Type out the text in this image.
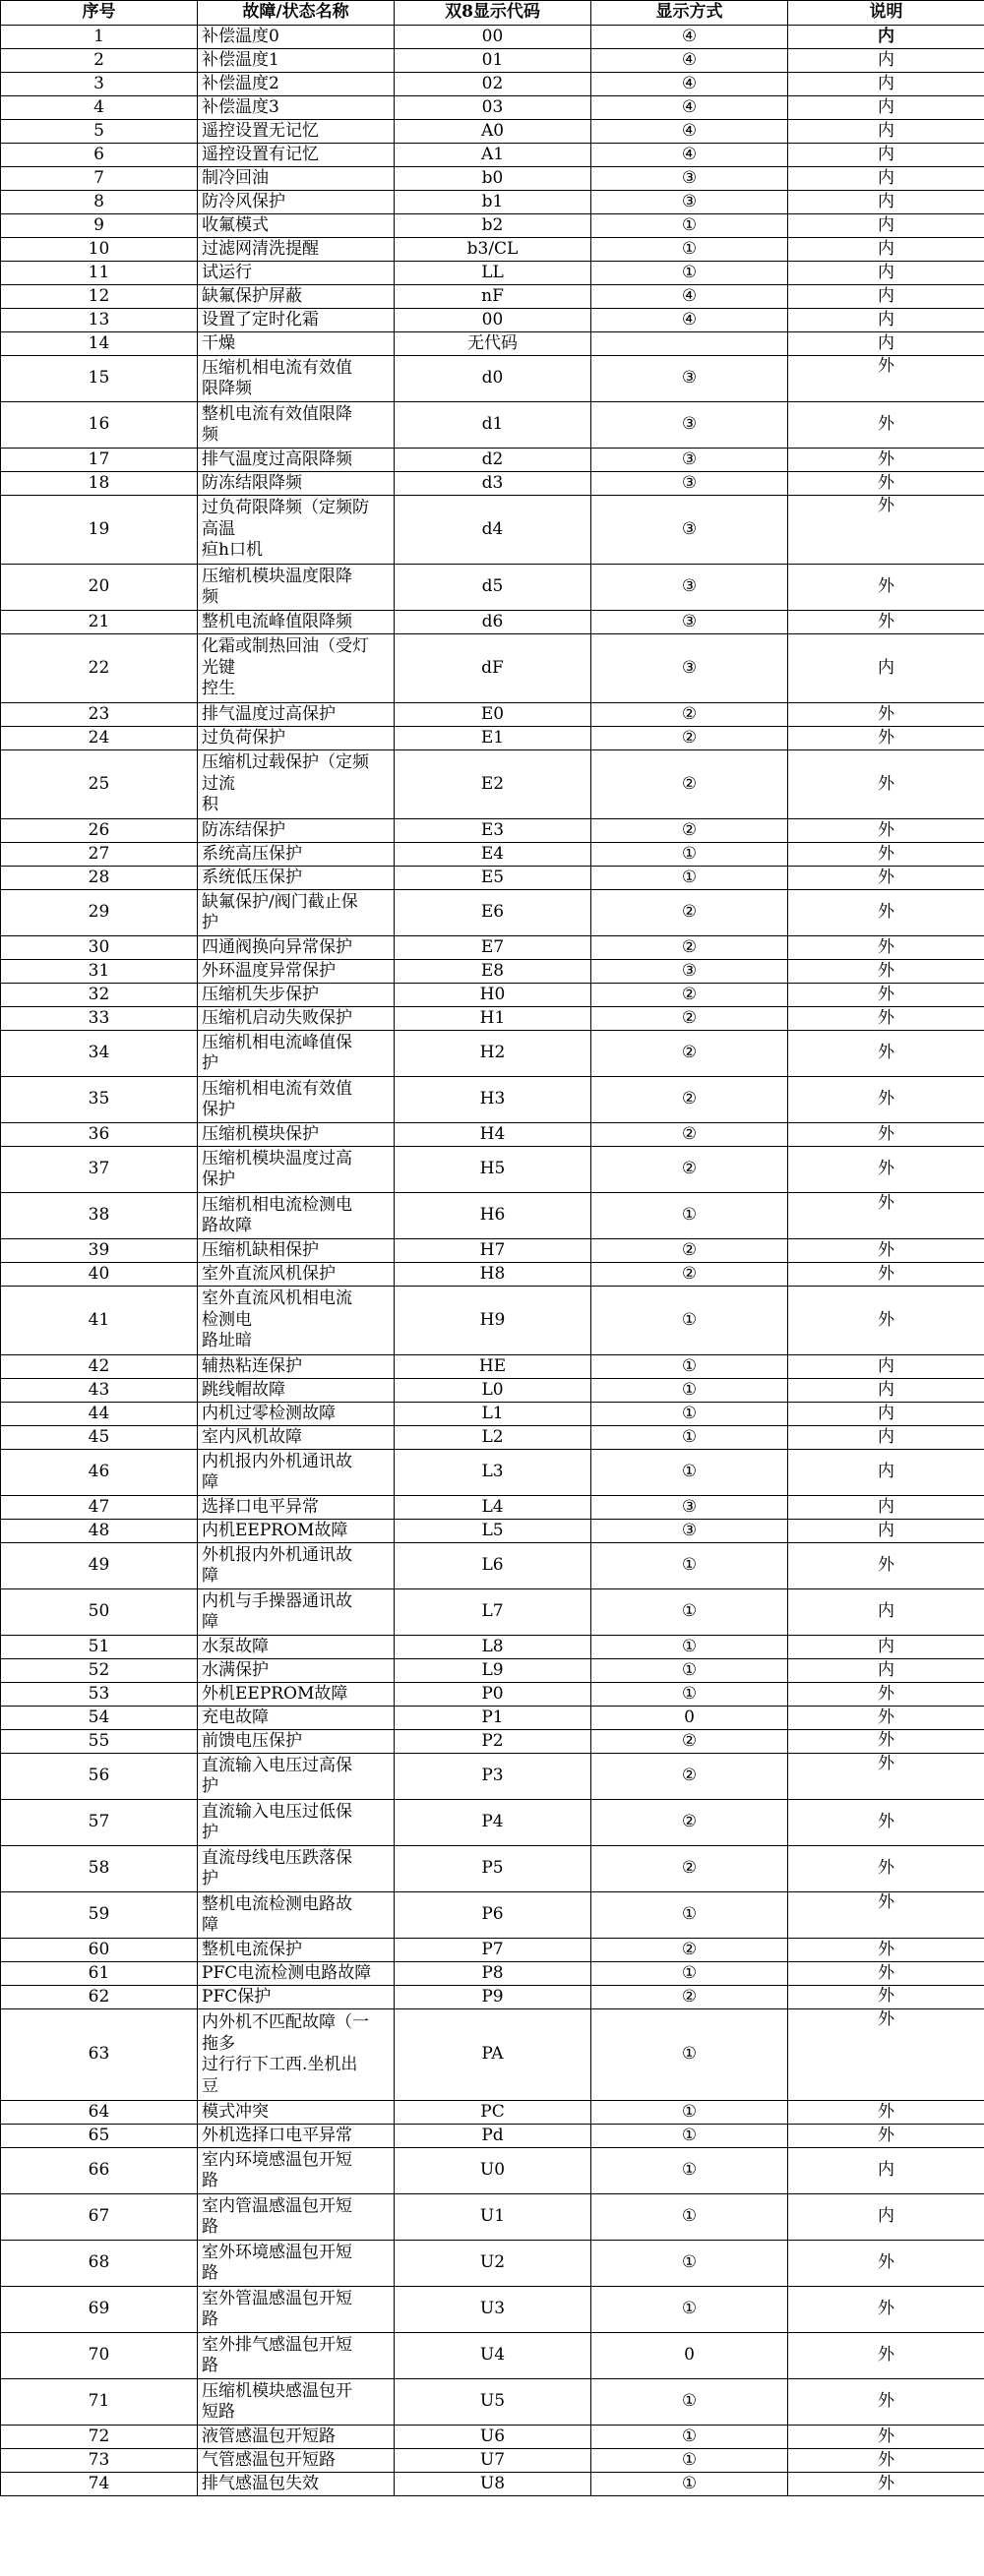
序号	故障/状态名称	双8显示代码	显示方式	说明
1	补偿温度0	00	④	内
2	补偿温度1	01	④	内
3	补偿温度2	02	④	内
4	补偿温度3	03	④	内
5	遥控设置无记忆	A0	④	内
6	遥控设置有记忆	A1	④	内
7	制冷回油	b0	③	内
8	防冷风保护	b1	③	内
9	收氟模式	b2	①	内
10	过滤网清洗提醒	b3/CL	①	内
11	试运行	LL	①	内
12	缺氟保护屏蔽	nF	④	内
13	设置了定时化霜	00	④	内
14	干燥	无代码		内
15	压缩机相电流有效值
限降频	d0	③	外
16	整机电流有效值限降
频	d1	③	外
17	排气温度过高限降频	d2	③	外
18	防冻结限降频	d3	③	外
19	过负荷限降频（定频防
高温
疸h口机	d4	③	外
20	压缩机模块温度限降
频	d5	③	外
21	整机电流峰值限降频	d6	③	外
22	化霜或制热回油（受灯
光键
控生	dF	③	内
23	排气温度过高保护	E0	②	外
24	过负荷保护	E1	②	外
25	压缩机过载保护（定频
过流
积	E2	②	外
26	防冻结保护	E3	②	外
27	系统高压保护	E4	①	外
28	系统低压保护	E5	①	外
29	缺氟保护/阀门截止保
护	E6	②	外
30	四通阀换向异常保护	E7	②	外
31	外环温度异常保护	E8	③	外
32	压缩机失步保护	H0	②	外
33	压缩机启动失败保护	H1	②	外
34	压缩机相电流峰值保
护	H2	②	外
35	压缩机相电流有效值
保护	H3	②	外
36	压缩机模块保护	H4	②	外
37	压缩机模块温度过高
保护	H5	②	外
38	压缩机相电流检测电
路故障	H6	①	外
39	压缩机缺相保护	H7	②	外
40	室外直流风机保护	H8	②	外
41	室外直流风机相电流
检测电
路址暗	H9	①	外
42	辅热粘连保护	HE	①	内
43	跳线帽故障	L0	①	内
44	内机过零检测故障	L1	①	内
45	室内风机故障	L2	①	内
46	内机报内外机通讯故
障	L3	①	内
47	选择口电平异常	L4	③	内
48	内机EEPROM故障	L5	③	内
49	外机报内外机通讯故
障	L6	①	外
50	内机与手操器通讯故
障	L7	①	内
51	水泵故障	L8	①	内
52	水满保护	L9	①	内
53	外机EEPROM故障	P0	①	外
54	充电故障	P1	0	外
55	前馈电压保护	P2	②	外
56	直流输入电压过高保
护	P3	②	外
57	直流输入电压过低保
护	P4	②	外
58	直流母线电压跌落保
护	P5	②	外
59	整机电流检测电路故
障	P6	①	外
60	整机电流保护	P7	②	外
61	PFC电流检测电路故障	P8	①	外
62	PFC保护	P9	②	外
63	内外机不匹配故障（一
拖多
过行行下工西.坐机出
豆	PA	①	外
64	模式冲突	PC	①	外
65	外机选择口电平异常	Pd	①	外
66	室内环境感温包开短
路	U0	①	内
67	室内管温感温包开短
路	U1	①	内
68	室外环境感温包开短
路	U2	①	外
69	室外管温感温包开短
路	U3	①	外
70	室外排气感温包开短
路	U4	0	外
71	压缩机模块感温包开
短路	U5	①	外
72	液管感温包开短路	U6	①	外
73	气管感温包开短路	U7	①	外
74	排气感温包失效	U8	①	外
